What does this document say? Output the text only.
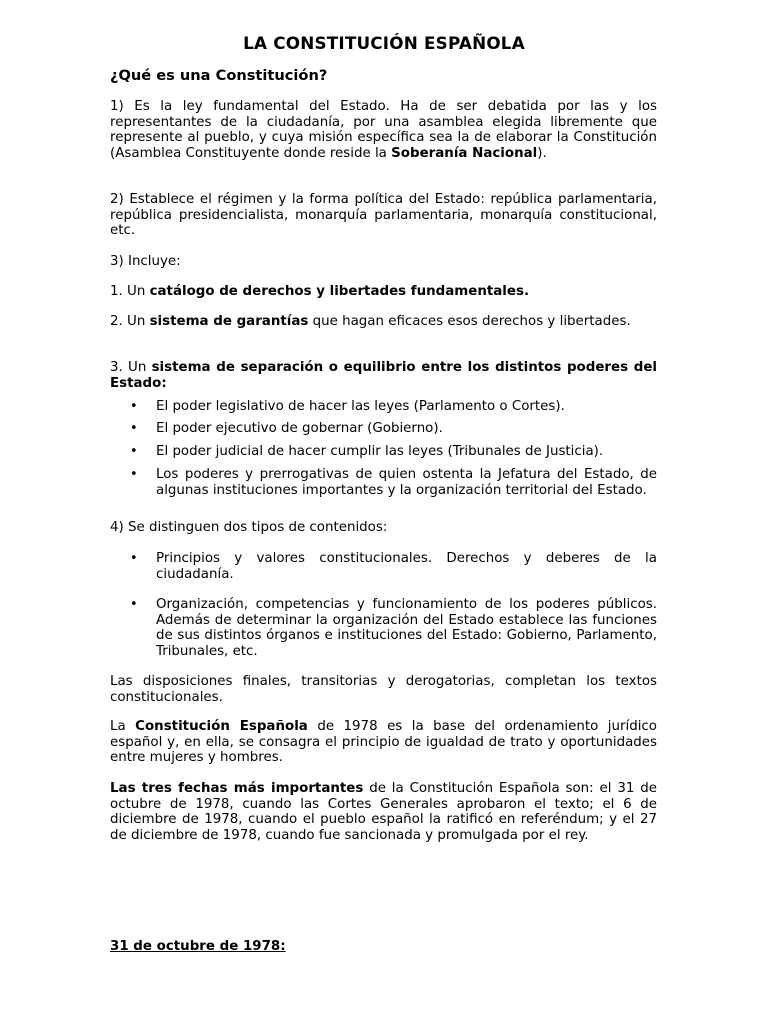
LA CONSTITUCIÓN ESPAÑOLA
¿Qué es una Constitución?

1) Es la ley fundamental del Estado. Ha de ser debatida por las y los representantes de la ciudadanía, por una asamblea elegida libremente que represente al pueblo, y cuya misión específica sea la de elaborar la Constitución (Asamblea Constituyente donde reside la Soberanía Nacional).

2) Establece el régimen y la forma política del Estado: república parlamentaria, república presidencialista, monarquía parlamentaria, monarquía constitucional, etc.

3) Incluye:

1. Un catálogo de derechos y libertades fundamentales.

2. Un sistema de garantías que hagan eficaces esos derechos y libertades.

3. Un sistema de separación o equilibrio entre los distintos poderes del Estado:

• El poder legislativo de hacer las leyes (Parlamento o Cortes).
• El poder ejecutivo de gobernar (Gobierno).
• El poder judicial de hacer cumplir las leyes (Tribunales de Justicia).
• Los poderes y prerrogativas de quien ostenta la Jefatura del Estado, de algunas instituciones importantes y la organización territorial del Estado.

4) Se distinguen dos tipos de contenidos:

• Principios y valores constitucionales. Derechos y deberes de la ciudadanía.
• Organización, competencias y funcionamiento de los poderes públicos. Además de determinar la organización del Estado establece las funciones de sus distintos órganos e instituciones del Estado: Gobierno, Parlamento, Tribunales, etc.

Las disposiciones finales, transitorias y derogatorias, completan los textos constitucionales.

La Constitución Española de 1978 es la base del ordenamiento jurídico español y, en ella, se consagra el principio de igualdad de trato y oportunidades entre mujeres y hombres.

Las tres fechas más importantes de la Constitución Española son: el 31 de octubre de 1978, cuando las Cortes Generales aprobaron el texto; el 6 de diciembre de 1978, cuando el pueblo español la ratificó en referéndum; y el 27 de diciembre de 1978, cuando fue sancionada y promulgada por el rey.

31 de octubre de 1978:
